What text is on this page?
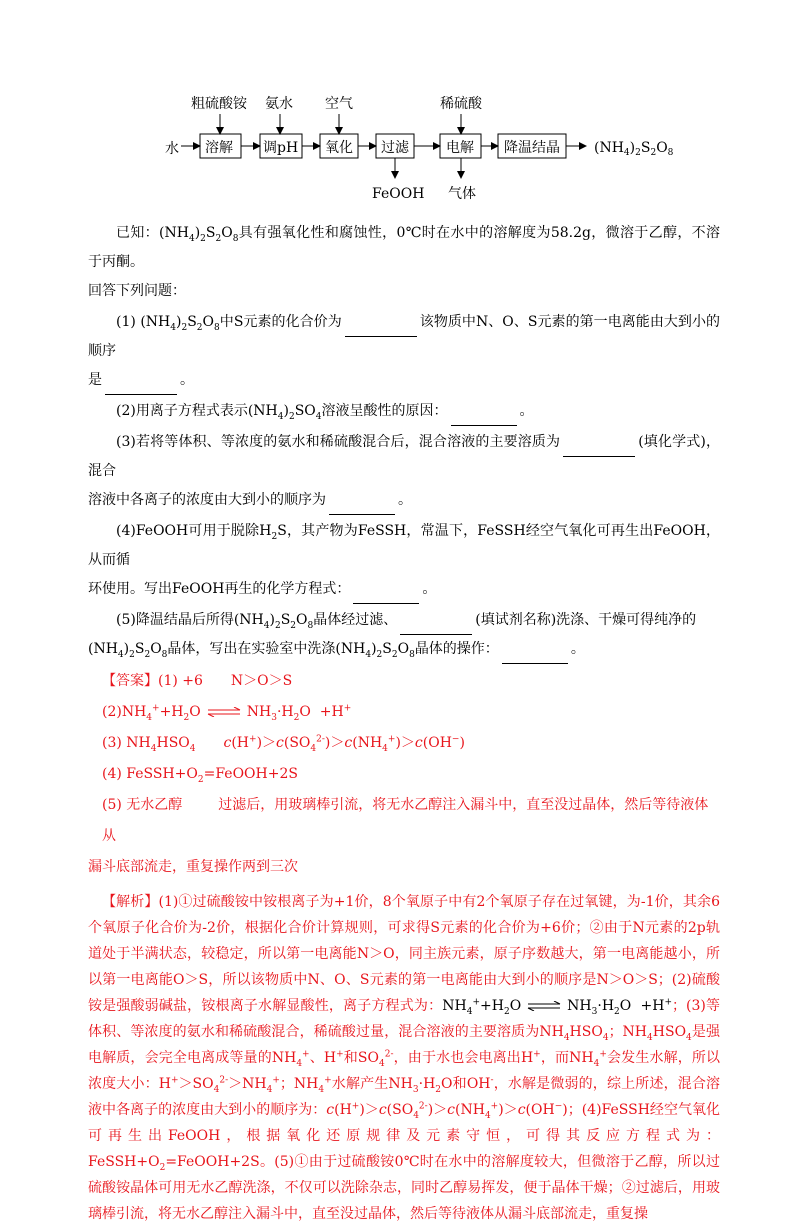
粗硫酸铵 氨水 空气	稀硫酸
水 溶解 调pH 氧化 过滤	电解 降温结晶
FeOOH 气体
$(NH_4)_2S_2O_8$

已知：$(NH_4)_2S_2O_8$具有强氧化性和腐蚀性，0℃时在水中的溶解度为58.2g，微溶于乙醇，不溶于丙酮。

回答下列问题：

(1) $(NH_4)_2S_2O_8$中S元素的化合价为	该物质中N、O、S元素的第一电离能由大到小的顺序

是	。

(2)用离子方程式表示$(NH_4)_2SO_4$溶液呈酸性的原因：	。

(3)若将等体积、等浓度的氨水和稀硫酸混合后，混合溶液的主要溶质为	(填化学式)，混合

溶液中各离子的浓度由大到小的顺序为	。

(4)FeOOH可用于脱除$H_2S$，其产物为FeSSH，常温下，FeSSH经空气氧化可再生出FeOOH，从而循

环使用。写出FeOOH再生的化学方程式：	。

(5)降温结晶后所得$(NH_4)_2S_2O_8$晶体经过滤、	(填试剂名称)洗涤、干燥可得纯净的

$(NH_4)_2S_2O_8$晶体，写出在实验室中洗涤$(NH_4)_2S_2O_8$晶体的操作：	。

【答案】(1) +6 N＞O＞S

$(2)NH_4^++H_2O$ ⇌ $NH_3\cdot H_2O +H^+$

(3) $NH_4HSO_4$ $c(H^+)>c(SO_4^{2-})>c(NH_4^+)>c(OH^-)$

(4) $FeSSH+O_2=FeOOH+2S$

(5) 无水乙醇	过滤后，用玻璃棒引流，将无水乙醇注入漏斗中，直至没过晶体，然后等待液体从

漏斗底部流走，重复操作两到三次

【解析】(1)①过硫酸铵中铵根离子为+1价，8个氧原子中有2个氧原子存在过氧键，为-1价，其余6个氧原子化合价为-2价，根据化合价计算规则，可求得S元素的化合价为+6价；②由于N元素的2p轨道处于半满状态，较稳定，所以第一电离能N＞O，同主族元素，原子序数越大，第一电离能越小，所以第一电离能O＞S，所以该物质中N、O、S元素的第一电离能由大到小的顺序是N＞O＞S；(2)硫酸铵是强酸弱碱盐，铵根离子水解显酸性，离子方程式为：$NH_4^++H_2O$ ⇌ $NH_3\cdot H_2O +H^+$；(3)等体积、等浓度的氨水和稀硫酸混合，稀硫酸过量，混合溶液的主要溶质为$NH_4HSO_4$；$NH_4HSO_4$是强电解质，会完全电离成等量的$NH_4^+$、H+和$SO_4^{2-}$，由于水也会电离出H+，而$NH_4^+$会发生水解，所以浓度大小：$H^+>SO_4^{2-}>NH_4^+$；$NH_4^+$水解产生$NH_3\cdot H_2O$和OH-，水解是微弱的，综上所述，混合溶液中各离子的浓度由大到小的顺序为：$c(H^+)>c(SO_4^{2-})>c(NH_4^+)>c(OH^-)$；(4)FeSSH经空气氧化可再生出FeOOH，根据氧化还原规律及元素守恒，可得其反应方程式为：$FeSSH+O_2=FeOOH+2S$。(5)①由于过硫酸铵0℃时在水中的溶解度较大，但微溶于乙醇，所以过硫酸铵晶体可用无水乙醇洗涤，不仅可以洗除杂志，同时乙醇易挥发，便于晶体干燥；②过滤后，用玻璃棒引流，将无水乙醇注入漏斗中，直至没过晶体，然后等待液体从漏斗底部流走，重复操
